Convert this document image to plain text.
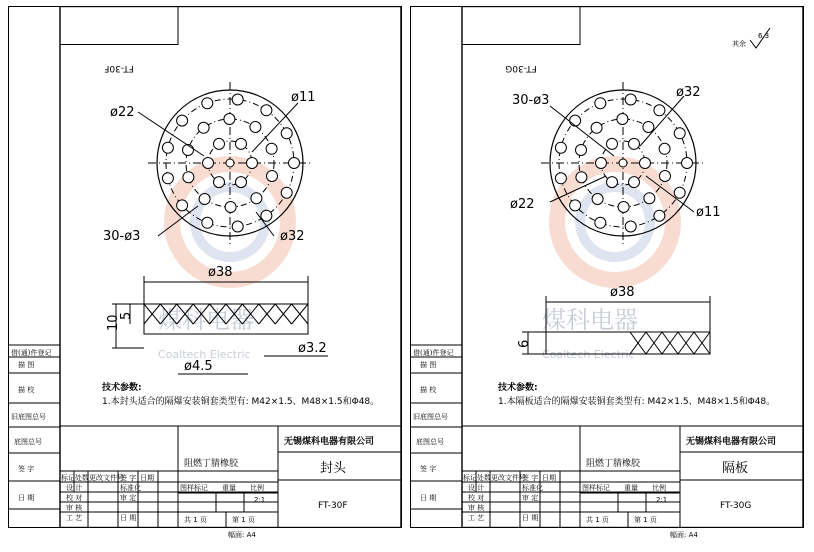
煤科电器
Coaltech Electric
FT-30F
借(通)件登记
描 图
描 校
旧底图总号
底图总号
签 字
日 期
ø22
ø11
30-ø3	ø32
ø38
10
5
ø4.5
ø3.2
技术参数:
1.本封头适合的隔爆安装铜套类型有: M42×1.5、M48×1.5和Φ48。
标记 处数 更改文件号
签 字 日期
设 计
校 对
审 核
工 艺
标准化
审 定
日 期
阻燃丁腈橡胶
无锡煤科电器有限公司
封头
FT-30F
图样标记 重量 比例
2:1
共 1 页	第 1 页
幅面: A4
煤科电器
Coaltech Electric
FT-30G
其余
6.3
借(通)件登记
描 图
描 校
旧底图总号
底图总号
签 字
日 期
30-ø3
ø32
ø22
ø11
ø38
6
技术参数:
1.本隔板适合的隔爆安装铜套类型有: M42×1.5、M48×1.5和Φ48。
标记 处数 更改文件号
签 字 日期
设 计
校 对
审 核
工 艺
标准化
审 定
日 期
阻燃丁腈橡胶
无锡煤科电器有限公司
隔板
FT-30G
图样标记 重量 比例
2:1
共 1 页	第 1 页
幅面: A4
